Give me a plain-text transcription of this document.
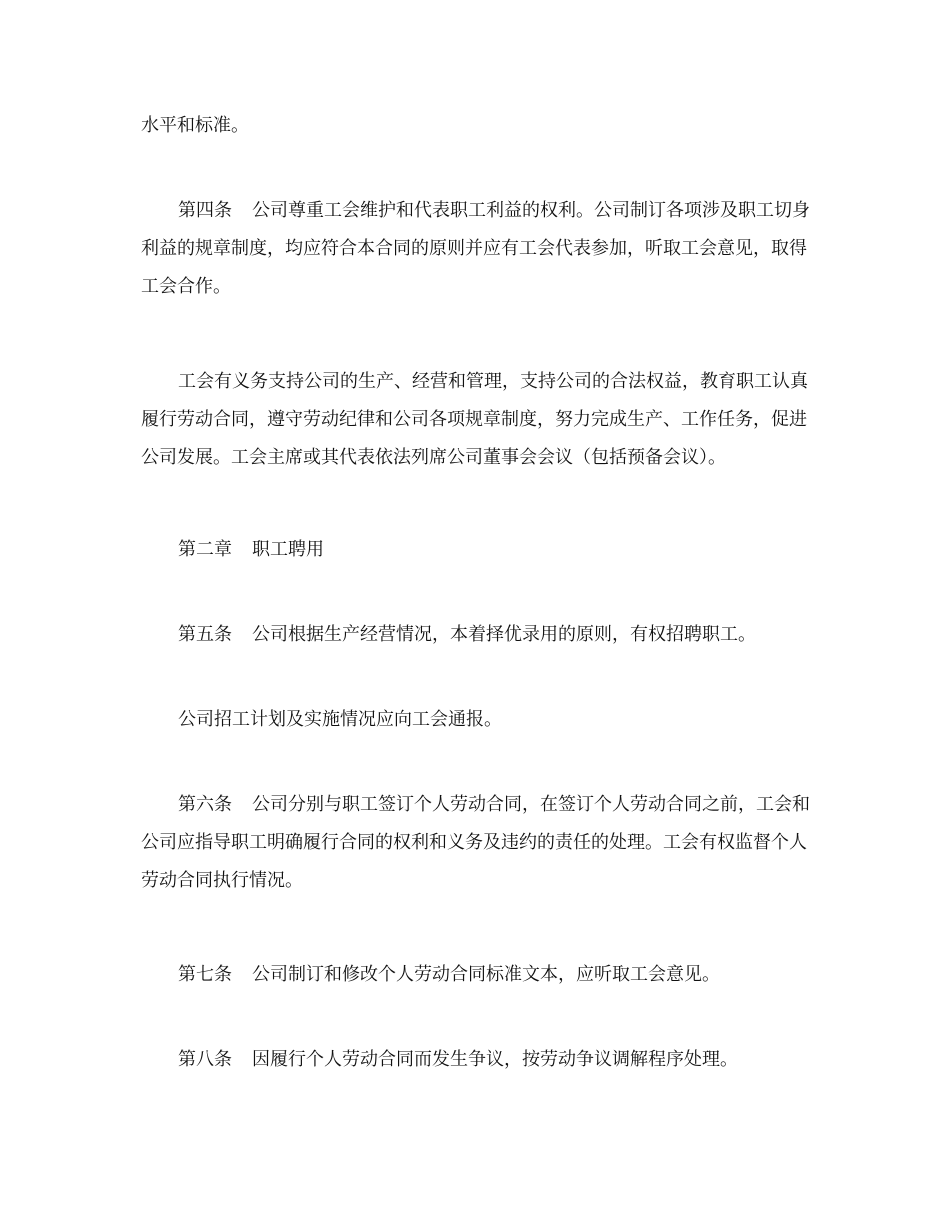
水平和标准。

第四条 公司尊重工会维护和代表职工利益的权利。公司制订各项涉及职工切身利益的规章制度，均应符合本合同的原则并应有工会代表参加，听取工会意见，取得工会合作。

工会有义务支持公司的生产、经营和管理，支持公司的合法权益，教育职工认真履行劳动合同，遵守劳动纪律和公司各项规章制度，努力完成生产、工作任务，促进公司发展。工会主席或其代表依法列席公司董事会会议（包括预备会议）。

第二章 职工聘用

第五条 公司根据生产经营情况，本着择优录用的原则，有权招聘职工。

公司招工计划及实施情况应向工会通报。

第六条 公司分别与职工签订个人劳动合同，在签订个人劳动合同之前，工会和公司应指导职工明确履行合同的权利和义务及违约的责任的处理。工会有权监督个人劳动合同执行情况。

第七条 公司制订和修改个人劳动合同标准文本，应听取工会意见。

第八条 因履行个人劳动合同而发生争议，按劳动争议调解程序处理。
